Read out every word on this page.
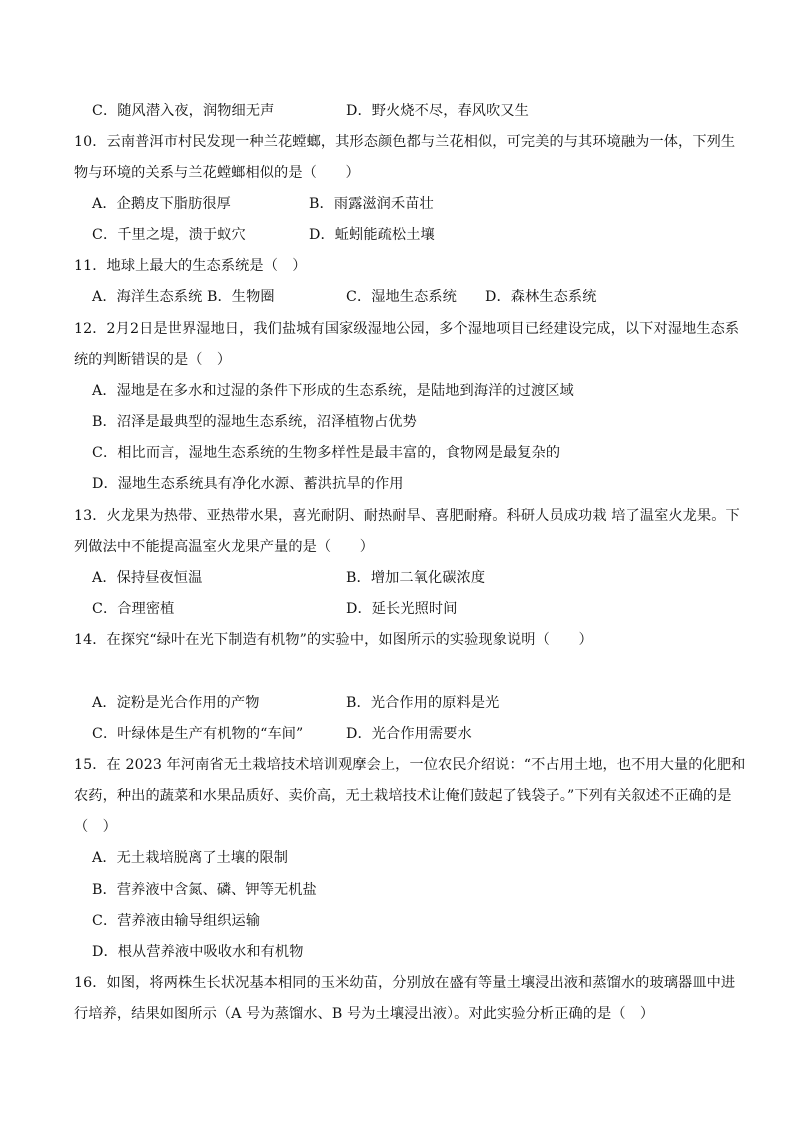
C．随风潜入夜，润物细无声	D．野火烧不尽，春风吹又生
10．云南普洱市村民发现一种兰花螳螂，其形态颜色都与兰花相似，可完美的与其环境融为一体，下列生
物与环境的关系与兰花螳螂相似的是（　　）
A．企鹅皮下脂肪很厚	B．雨露滋润禾苗壮
C．千里之堤，溃于蚁穴	D．蚯蚓能疏松土壤
11．地球上最大的生态系统是（　）
A．海洋生态系统 B．生物圈	C．湿地生态系统 D．森林生态系统
12．2月2日是世界湿地日，我们盐城有国家级湿地公园，多个湿地项目已经建设完成，以下对湿地生态系
统的判断错误的是（　）
A．湿地是在多水和过湿的条件下形成的生态系统，是陆地到海洋的过渡区域
B．沼泽是最典型的湿地生态系统，沼泽植物占优势
C．相比而言，湿地生态系统的生物多样性是最丰富的，食物网是最复杂的
D．湿地生态系统具有净化水源、蓄洪抗旱的作用
13．火龙果为热带、亚热带水果，喜光耐阴、耐热耐旱、喜肥耐瘠。科研人员成功栽 培了温室火龙果。下
列做法中不能提高温室火龙果产量的是（　　）
A．保持昼夜恒温	B．增加二氧化碳浓度
C．合理密植	D．延长光照时间
14．在探究“绿叶在光下制造有机物”的实验中，如图所示的实验现象说明（　　）
A．淀粉是光合作用的产物	B．光合作用的原料是光
C．叶绿体是生产有机物的“车间”	D．光合作用需要水
15．在 2023 年河南省无土栽培技术培训观摩会上，一位农民介绍说：“不占用土地，也不用大量的化肥和
农药，种出的蔬菜和水果品质好、卖价高，无土栽培技术让俺们鼓起了钱袋子。”下列有关叙述不正确的是
（　）
A．无土栽培脱离了土壤的限制
B．营养液中含氮、磷、钾等无机盐
C．营养液由输导组织运输
D．根从营养液中吸收水和有机物
16．如图，将两株生长状况基本相同的玉米幼苗，分别放在盛有等量土壤浸出液和蒸馏水的玻璃器皿中进
行培养，结果如图所示（A 号为蒸馏水、B 号为土壤浸出液）。对此实验分析正确的是（　）
